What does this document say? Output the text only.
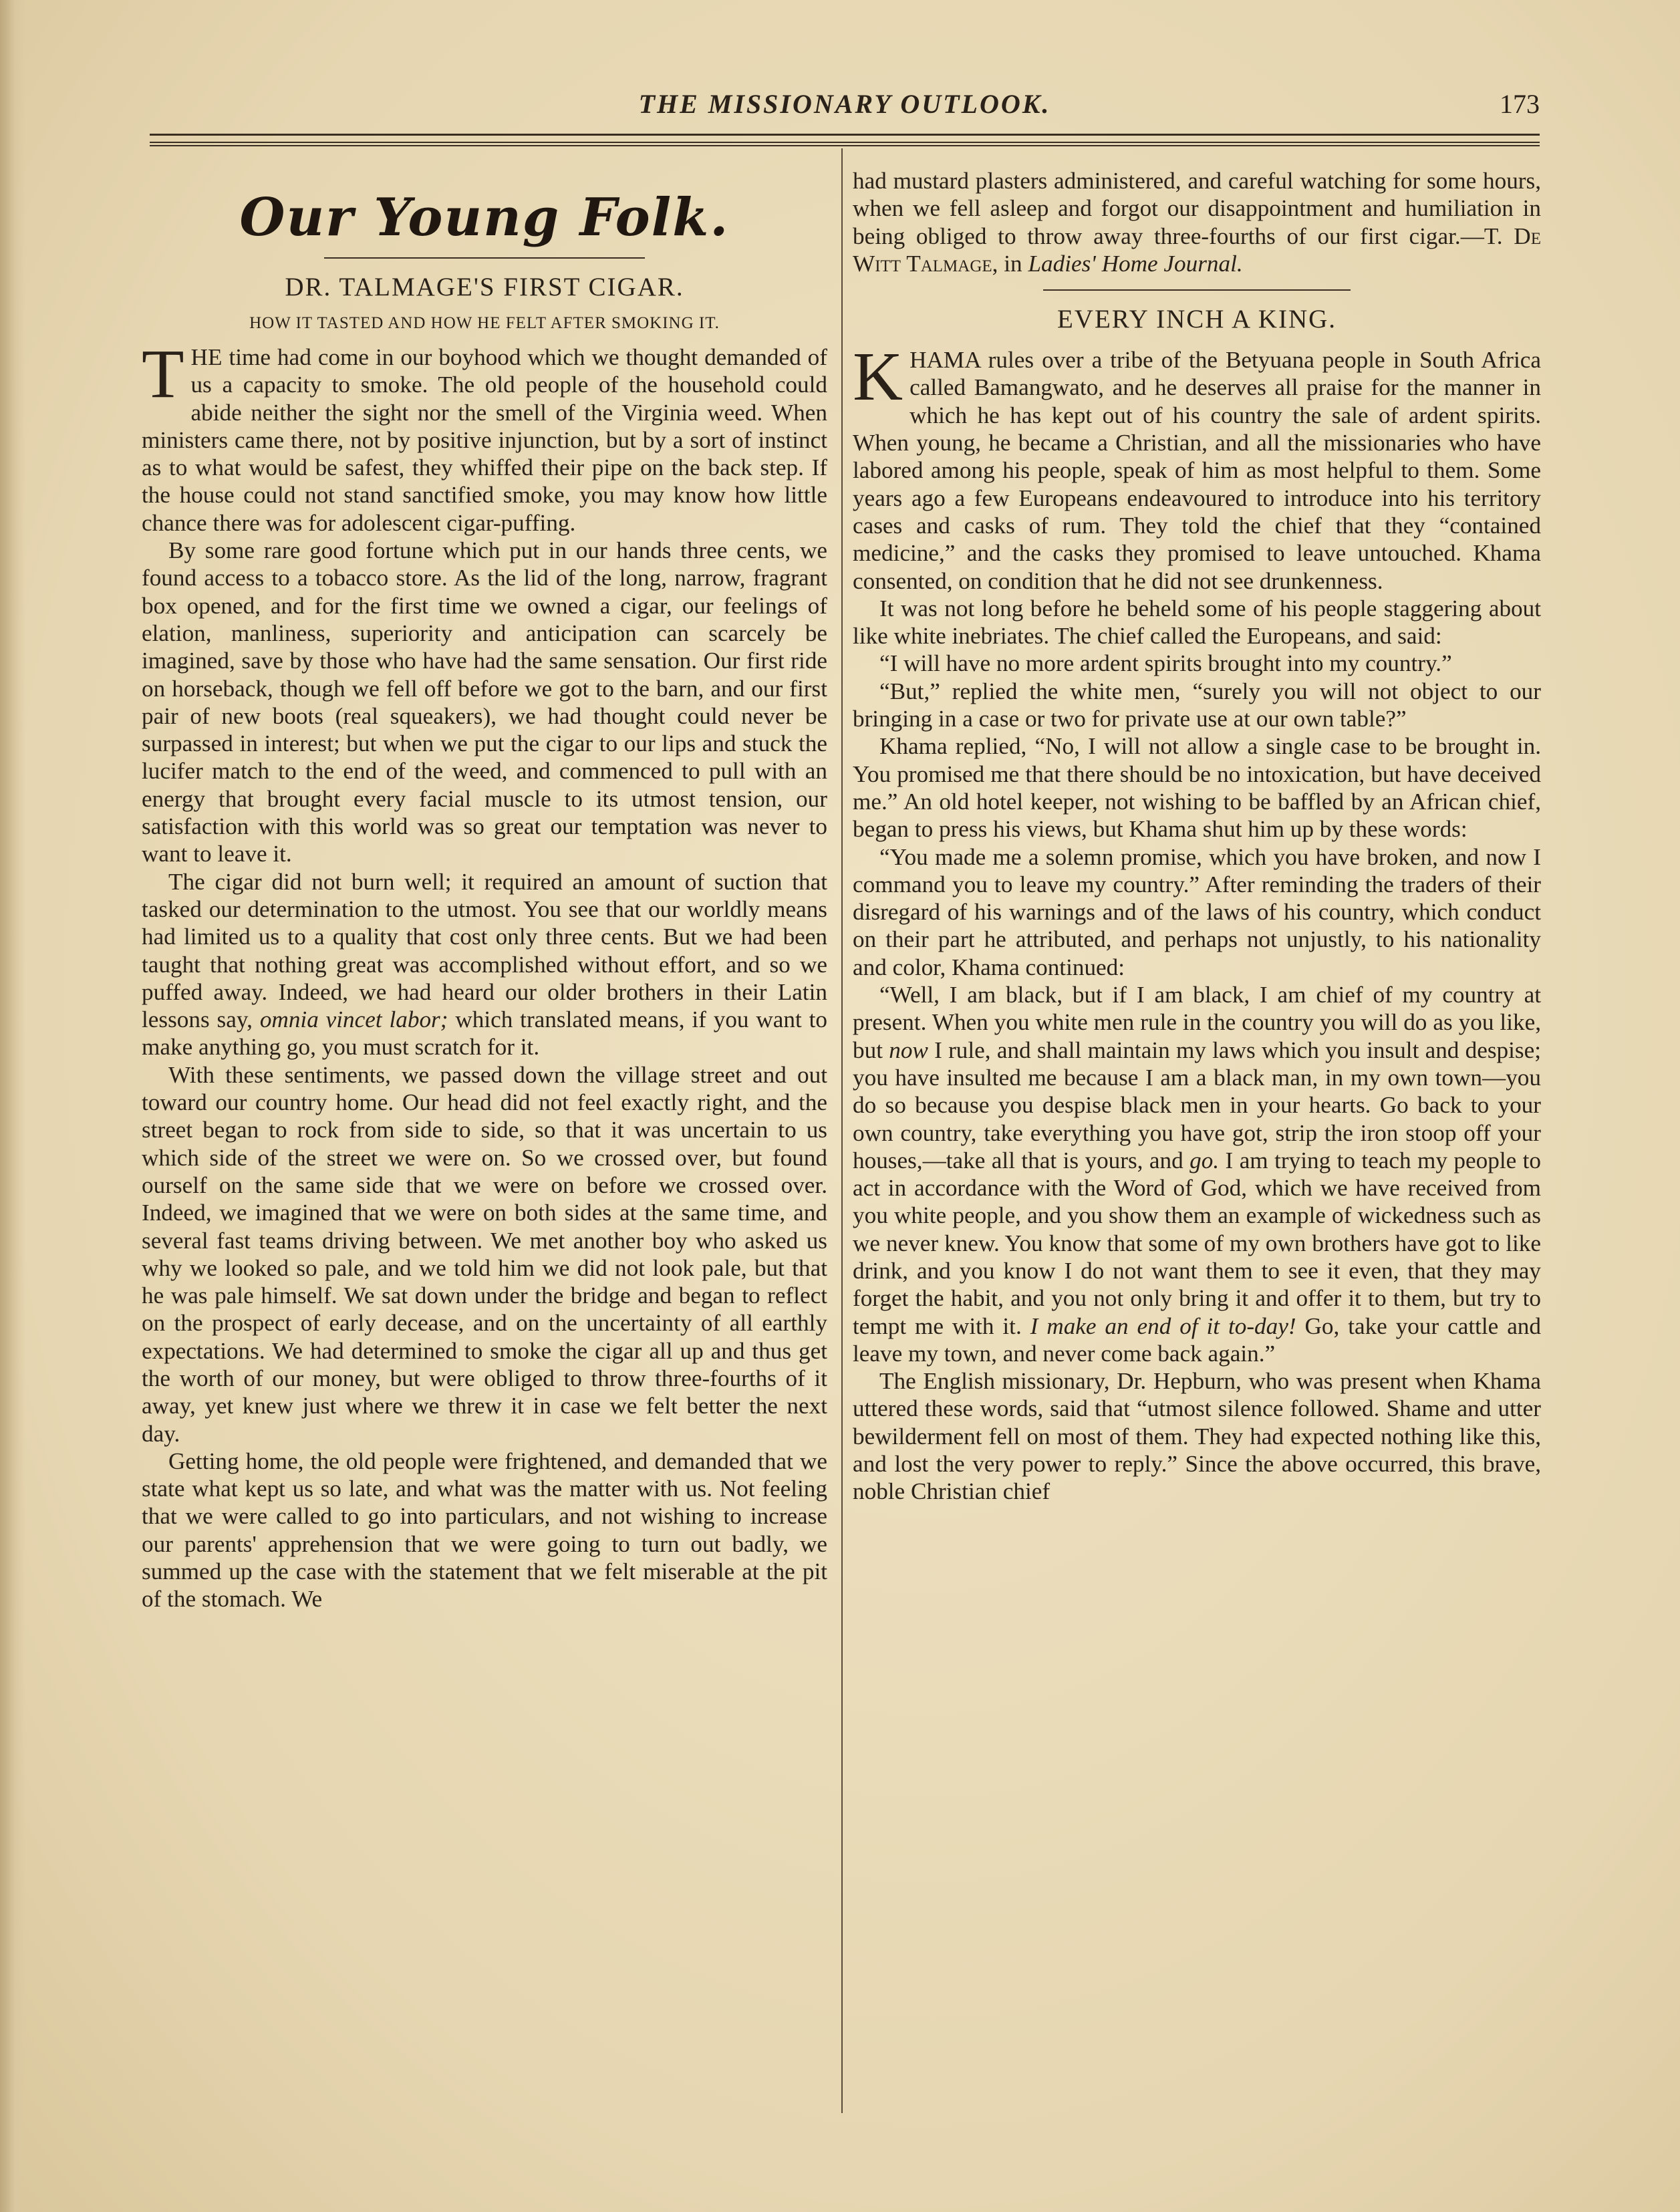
THE MISSIONARY OUTLOOK.	173
Our Young Folk.
DR. TALMAGE'S FIRST CIGAR.
HOW IT TASTED AND HOW HE FELT AFTER SMOKING IT.

THE time had come in our boyhood which we thought demanded of us a capacity to smoke. The old people of the household could abide neither the sight nor the smell of the Virginia weed. When ministers came there, not by positive injunction, but by a sort of instinct as to what would be safest, they whiffed their pipe on the back step. If the house could not stand sanctified smoke, you may know how little chance there was for adolescent cigar-puffing.

By some rare good fortune which put in our hands three cents, we found access to a tobacco store. As the lid of the long, narrow, fragrant box opened, and for the first time we owned a cigar, our feelings of elation, manliness, superiority and anticipation can scarcely be imagined, save by those who have had the same sensation. Our first ride on horseback, though we fell off before we got to the barn, and our first pair of new boots (real squeakers), we had thought could never be surpassed in interest; but when we put the cigar to our lips and stuck the lucifer match to the end of the weed, and commenced to pull with an energy that brought every facial muscle to its utmost tension, our satisfaction with this world was so great our temptation was never to want to leave it.

The cigar did not burn well; it required an amount of suction that tasked our determination to the utmost. You see that our worldly means had limited us to a quality that cost only three cents. But we had been taught that nothing great was accomplished without effort, and so we puffed away. Indeed, we had heard our older brothers in their Latin lessons say, omnia vincet labor; which translated means, if you want to make anything go, you must scratch for it.

With these sentiments, we passed down the village street and out toward our country home. Our head did not feel exactly right, and the street began to rock from side to side, so that it was uncertain to us which side of the street we were on. So we crossed over, but found ourself on the same side that we were on before we crossed over. Indeed, we imagined that we were on both sides at the same time, and several fast teams driving between. We met another boy who asked us why we looked so pale, and we told him we did not look pale, but that he was pale himself. We sat down under the bridge and began to reflect on the prospect of early decease, and on the uncertainty of all earthly expectations. We had determined to smoke the cigar all up and thus get the worth of our money, but were obliged to throw three-fourths of it away, yet knew just where we threw it in case we felt better the next day.

Getting home, the old people were frightened, and demanded that we state what kept us so late, and what was the matter with us. Not feeling that we were called to go into particulars, and not wishing to increase our parents' apprehension that we were going to turn out badly, we summed up the case with the statement that we felt miserable at the pit of the stomach. We

had mustard plasters administered, and careful watching for some hours, when we fell asleep and forgot our disappointment and humiliation in being obliged to throw away three-fourths of our first cigar.—T. De Witt Talmage, in Ladies' Home Journal.

EVERY INCH A KING.

KHAMA rules over a tribe of the Betyuana people in South Africa called Bamangwato, and he deserves all praise for the manner in which he has kept out of his country the sale of ardent spirits. When young, he became a Christian, and all the missionaries who have labored among his people, speak of him as most helpful to them. Some years ago a few Europeans endeavoured to introduce into his territory cases and casks of rum. They told the chief that they “contained medicine,” and the casks they promised to leave untouched. Khama consented, on condition that he did not see drunkenness.

It was not long before he beheld some of his people staggering about like white inebriates. The chief called the Europeans, and said:

“I will have no more ardent spirits brought into my country.”

“But,” replied the white men, “surely you will not object to our bringing in a case or two for private use at our own table?”

Khama replied, “No, I will not allow a single case to be brought in. You promised me that there should be no intoxication, but have deceived me.” An old hotel keeper, not wishing to be baffled by an African chief, began to press his views, but Khama shut him up by these words:

“You made me a solemn promise, which you have broken, and now I command you to leave my country.” After reminding the traders of their disregard of his warnings and of the laws of his country, which conduct on their part he attributed, and perhaps not unjustly, to his nationality and color, Khama continued:

“Well, I am black, but if I am black, I am chief of my country at present. When you white men rule in the country you will do as you like, but now I rule, and shall maintain my laws which you insult and despise; you have insulted me because I am a black man, in my own town—you do so because you despise black men in your hearts. Go back to your own country, take everything you have got, strip the iron stoop off your houses,—take all that is yours, and go. I am trying to teach my people to act in accordance with the Word of God, which we have received from you white people, and you show them an example of wickedness such as we never knew. You know that some of my own brothers have got to like drink, and you know I do not want them to see it even, that they may forget the habit, and you not only bring it and offer it to them, but try to tempt me with it. I make an end of it to-day! Go, take your cattle and leave my town, and never come back again.”

The English missionary, Dr. Hepburn, who was present when Khama uttered these words, said that “utmost silence followed. Shame and utter bewilderment fell on most of them. They had expected nothing like this, and lost the very power to reply.” Since the above occurred, this brave, noble Christian chief
